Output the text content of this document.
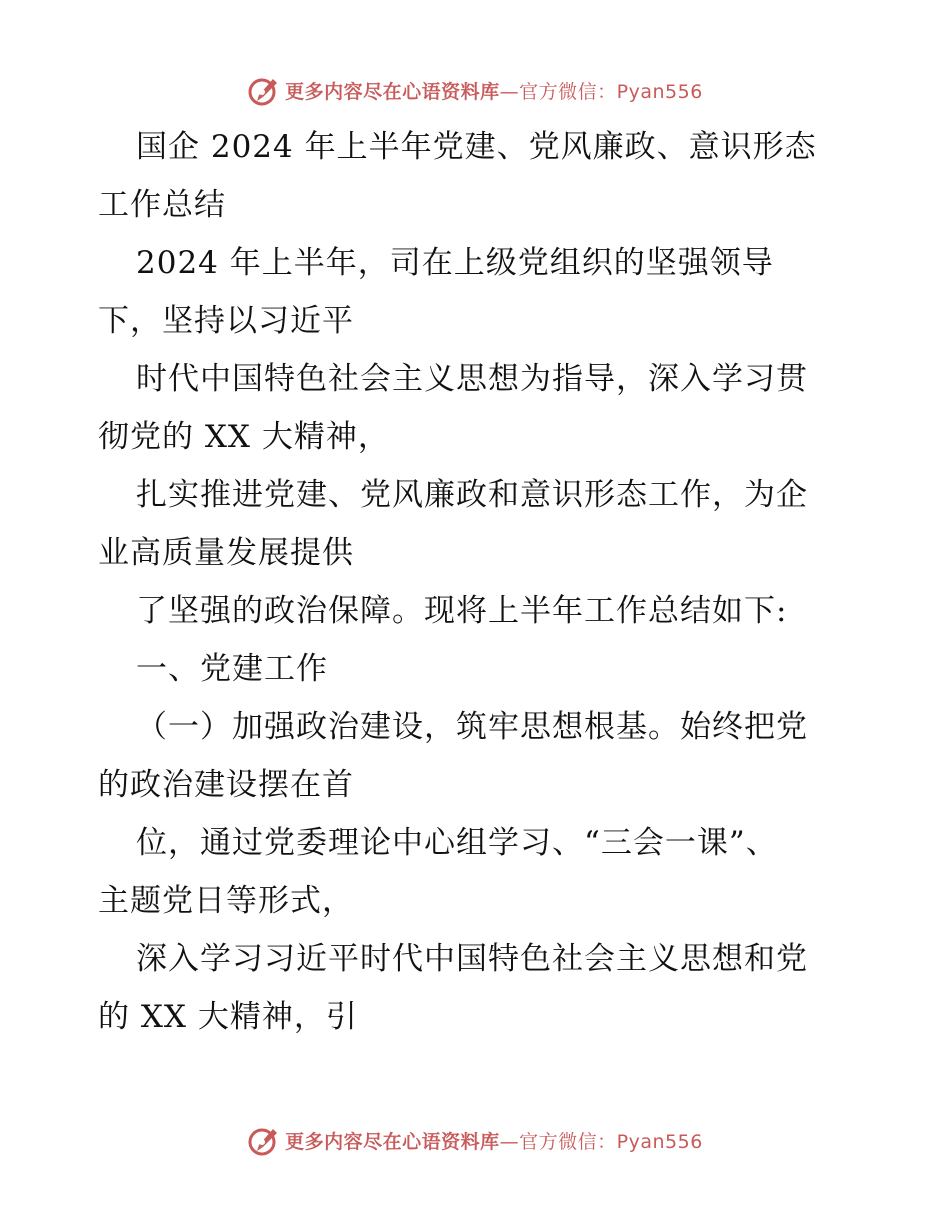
更多内容尽在心语资料库—官方微信：Pyan556
国企 2024 年上半年党建、党风廉政、意识形态
工作总结
2024 年上半年，司在上级党组织的坚强领导
下，坚持以习近平
时代中国特色社会主义思想为指导，深入学习贯
彻党的 XX 大精神，
扎实推进党建、党风廉政和意识形态工作，为企
业高质量发展提供
了坚强的政治保障。现将上半年工作总结如下:
一、党建工作
（一）加强政治建设，筑牢思想根基。始终把党
的政治建设摆在首
位，通过党委理论中心组学习、“三会一课”、
主题党日等形式，
深入学习习近平时代中国特色社会主义思想和党
的 XX 大精神，引
更多内容尽在心语资料库—官方微信：Pyan556
